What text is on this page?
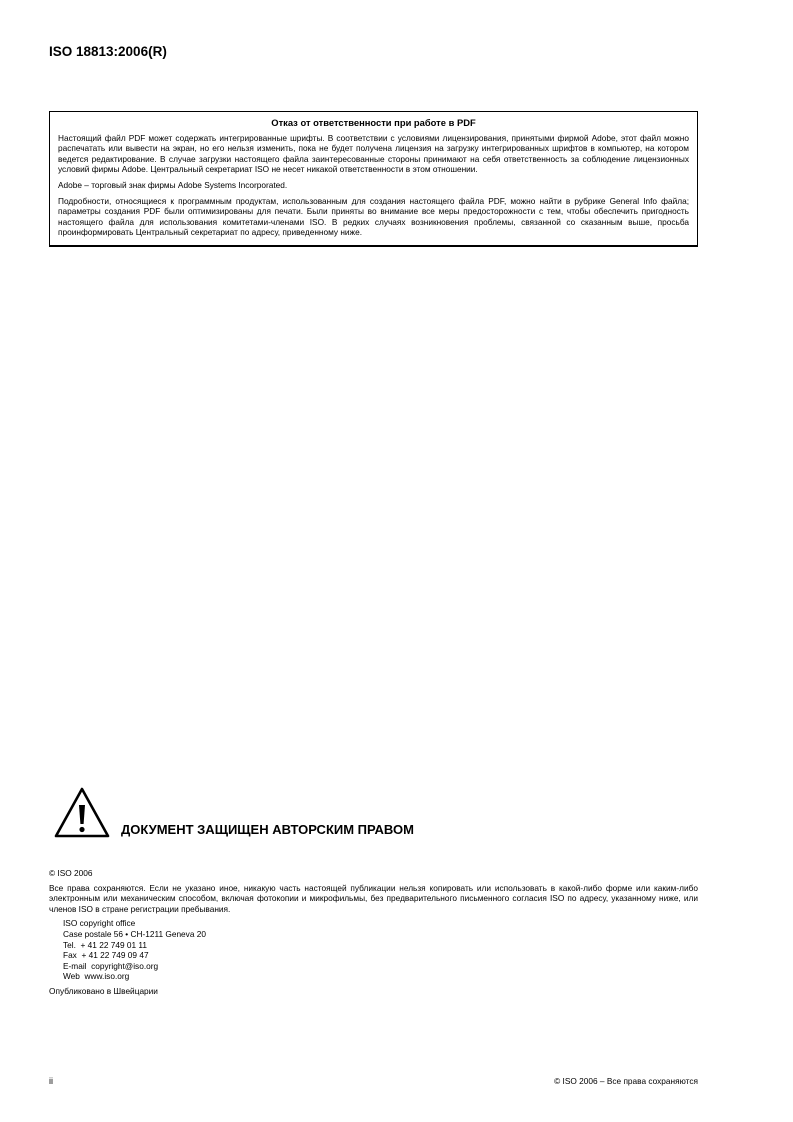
ISO 18813:2006(R)
Отказ от ответственности при работе в PDF

Настоящий файл PDF может содержать интегрированные шрифты. В соответствии с условиями лицензирования, принятыми фирмой Adobe, этот файл можно распечатать или вывести на экран, но его нельзя изменить, пока не будет получена лицензия на загрузку интегрированных шрифтов в компьютер, на котором ведется редактирование. В случае загрузки настоящего файла заинтересованные стороны принимают на себя ответственность за соблюдение лицензионных условий фирмы Adobe. Центральный секретариат ISO не несет никакой ответственности в этом отношении.

Adobe – торговый знак фирмы Adobe Systems Incorporated.

Подробности, относящиеся к программным продуктам, использованным для создания настоящего файла PDF, можно найти в рубрике General Info файла; параметры создания PDF были оптимизированы для печати. Были приняты во внимание все меры предосторожности с тем, чтобы обеспечить пригодность настоящего файла для использования комитетами-членами ISO. В редких случаях возникновения проблемы, связанной со сказанным выше, просьба проинформировать Центральный секретариат по адресу, приведенному ниже.

ДОКУМЕНТ ЗАЩИЩЕН АВТОРСКИМ ПРАВОМ
© ISO 2006
Все права сохраняются. Если не указано иное, никакую часть настоящей публикации нельзя копировать или использовать в какой-либо форме или каким-либо электронным или механическим способом, включая фотокопии и микрофильмы, без предварительного письменного согласия ISO по адресу, указанному ниже, или членов ISO в стране регистрации пребывания.
ISO copyright office
Case postale 56 • CH-1211 Geneva 20
Tel.  + 41 22 749 01 11
Fax  + 41 22 749 09 47
E-mail  copyright@iso.org
Web  www.iso.org
Опубликовано в Швейцарии
ii	© ISO 2006 – Все права сохраняются
